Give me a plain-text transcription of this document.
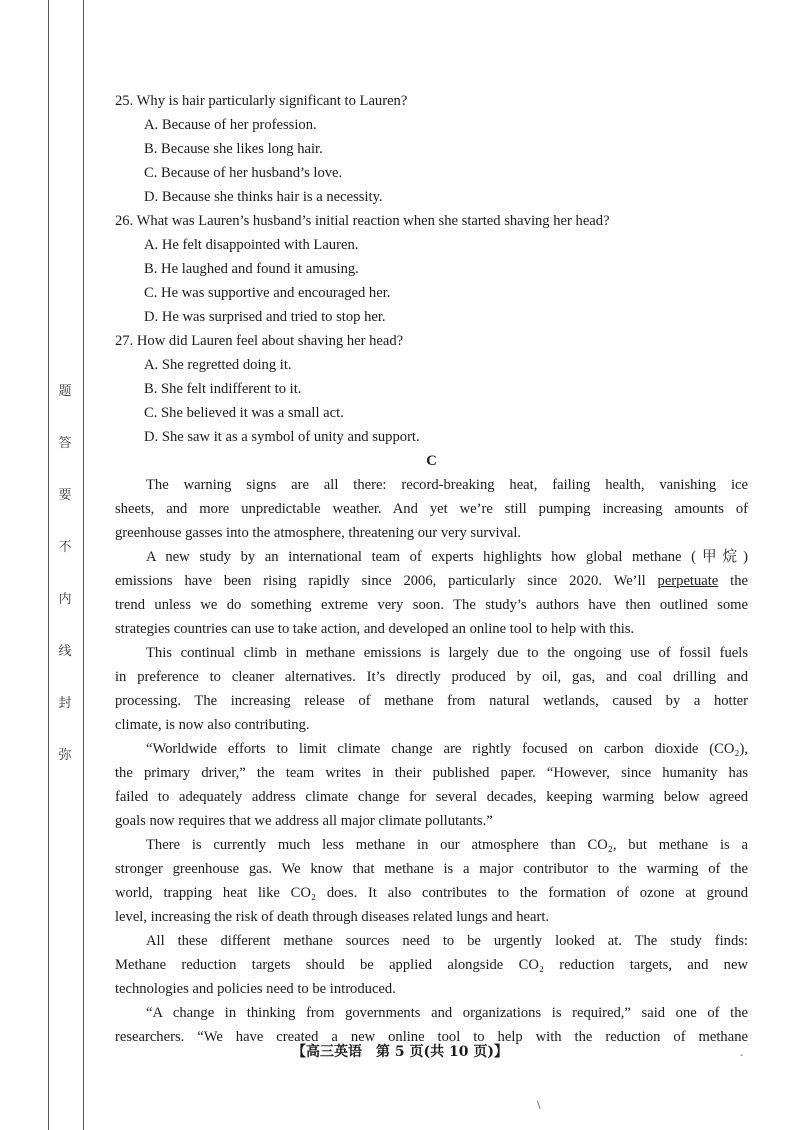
题
答
要
不
内
线
封
弥
25. Why is hair particularly significant to Lauren?
A. Because of her profession.
B. Because she likes long hair.
C. Because of her husband’s love.
D. Because she thinks hair is a necessity.
26. What was Lauren’s husband’s initial reaction when she started shaving her head?
A. He felt disappointed with Lauren.
B. He laughed and found it amusing.
C. He was supportive and encouraged her.
D. He was surprised and tried to stop her.
27. How did Lauren feel about shaving her head?
A. She regretted doing it.
B. She felt indifferent to it.
C. She believed it was a small act.
D. She saw it as a symbol of unity and support.
C
The warning signs are all there: record-breaking heat, failing health, vanishing ice
sheets, and more unpredictable weather. And yet we’re still pumping increasing amounts of
greenhouse gasses into the atmosphere, threatening our very survival.
A new study by an international team of experts highlights how global methane (甲烷)
emissions have been rising rapidly since 2006, particularly since 2020. We’ll perpetuate the
trend unless we do something extreme very soon. The study’s authors have then outlined some
strategies countries can use to take action, and developed an online tool to help with this.
This continual climb in methane emissions is largely due to the ongoing use of fossil fuels
in preference to cleaner alternatives. It’s directly produced by oil, gas, and coal drilling and
processing. The increasing release of methane from natural wetlands, caused by a hotter
climate, is now also contributing.
“Worldwide efforts to limit climate change are rightly focused on carbon dioxide (CO₂),
the primary driver,” the team writes in their published paper. “However, since humanity has
failed to adequately address climate change for several decades, keeping warming below agreed
goals now requires that we address all major climate pollutants.”
There is currently much less methane in our atmosphere than CO₂, but methane is a
stronger greenhouse gas. We know that methane is a major contributor to the warming of the
world, trapping heat like CO₂ does. It also contributes to the formation of ozone at ground
level, increasing the risk of death through diseases related lungs and heart.
All these different methane sources need to be urgently looked at. The study finds:
Methane reduction targets should be applied alongside CO₂ reduction targets, and new
technologies and policies need to be introduced.
“A change in thinking from governments and organizations is required,” said one of the
researchers. “We have created a new online tool to help with the reduction of methane
【高三英语　第 5 页(共 10 页)】	-
\
